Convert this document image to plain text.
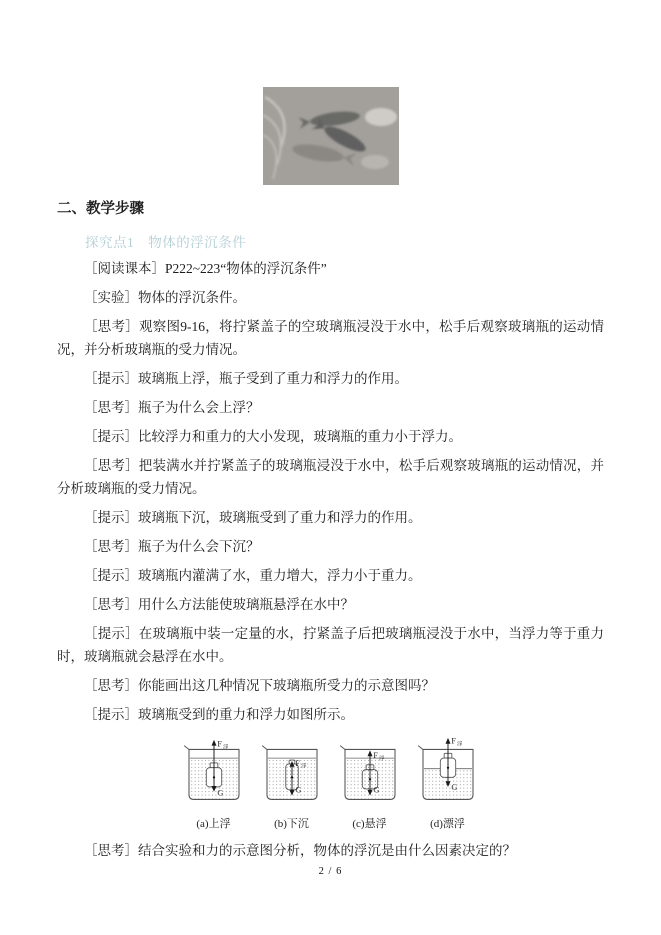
二、教学步骤
探究点1　物体的浮沉条件

［阅读课本］P222~223“物体的浮沉条件”

［实验］物体的浮沉条件。

［思考］观察图9-16，将拧紧盖子的空玻璃瓶浸没于水中，松手后观察玻璃瓶的运动情况，并分析玻璃瓶的受力情况。

［提示］玻璃瓶上浮，瓶子受到了重力和浮力的作用。

［思考］瓶子为什么会上浮？

［提示］比较浮力和重力的大小发现，玻璃瓶的重力小于浮力。

［思考］把装满水并拧紧盖子的玻璃瓶浸没于水中，松手后观察玻璃瓶的运动情况，并分析玻璃瓶的受力情况。

［提示］玻璃瓶下沉，玻璃瓶受到了重力和浮力的作用。

［思考］瓶子为什么会下沉？

［提示］玻璃瓶内灌满了水，重力增大，浮力小于重力。

［思考］用什么方法能使玻璃瓶悬浮在水中？

［提示］在玻璃瓶中装一定量的水，拧紧盖子后把玻璃瓶浸没于水中，当浮力等于重力时，玻璃瓶就会悬浮在水中。

［思考］你能画出这几种情况下玻璃瓶所受力的示意图吗？

［提示］玻璃瓶受到的重力和浮力如图所示。

F 浮
G
(a)上浮
F 浮
G
(b)下沉
F 浮
G
(c)悬浮
F 浮
G
(d)漂浮

［思考］结合实验和力的示意图分析，物体的浮沉是由什么因素决定的？

2 / 6
